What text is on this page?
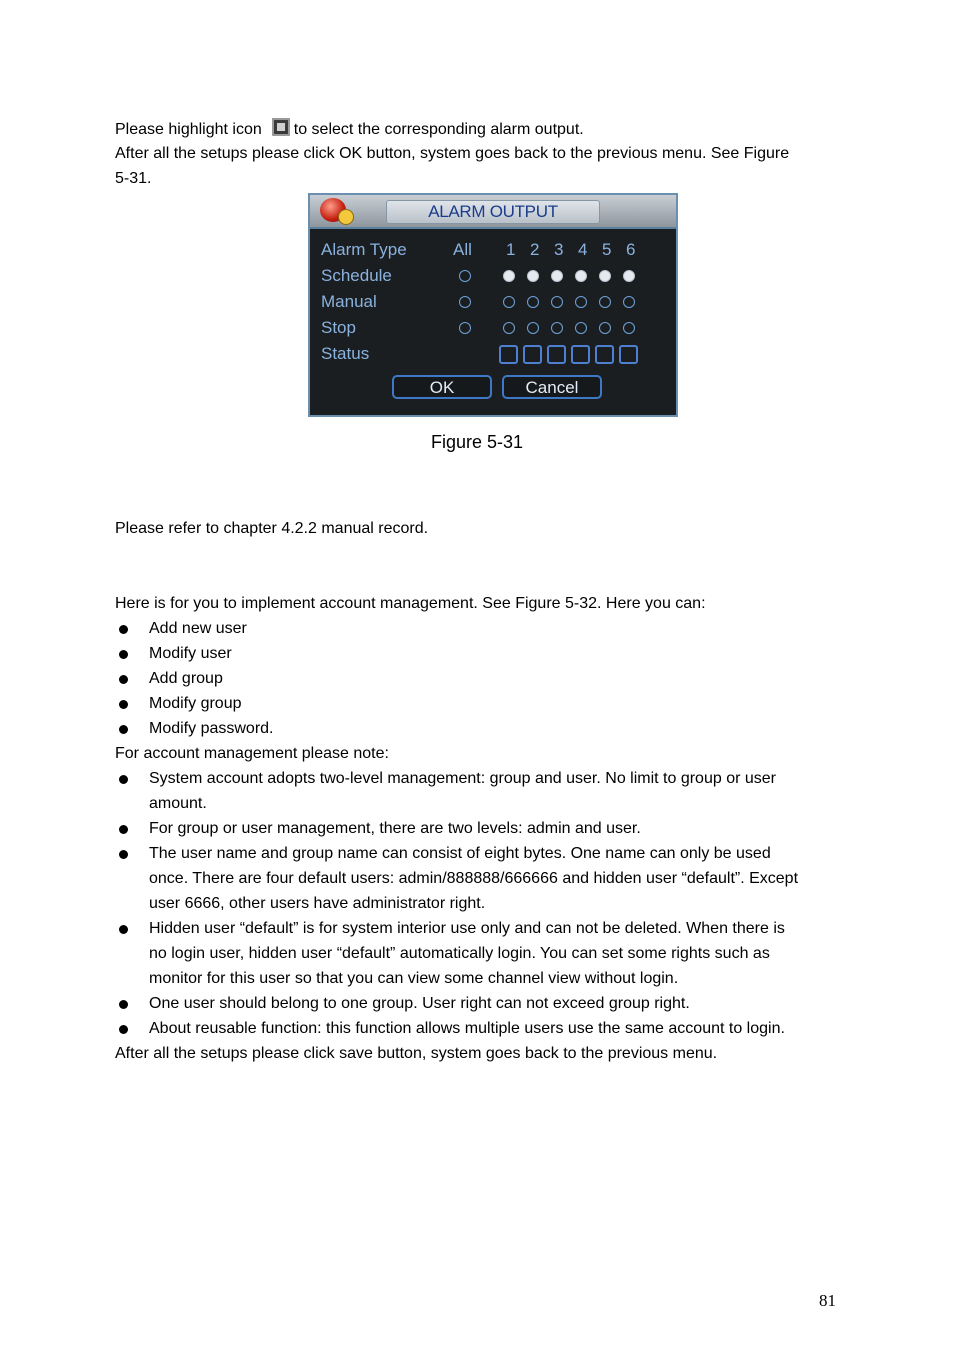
Please highlight icon to select the corresponding alarm output.
After all the setups please click OK button, system goes back to the previous menu. See Figure
5-31.
ALARM OUTPUT
Alarm Type	All 1 2 3 4 5 6
Schedule
Manual
Stop
Status
OK	Cancel
Figure 5-31
Please refer to chapter 4.2.2 manual record.
Here is for you to implement account management. See Figure 5-32. Here you can:
Add new user
Modify user
Add group
Modify group
Modify password.
For account management please note:
System account adopts two-level management: group and user. No limit to group or user
amount.
For group or user management, there are two levels: admin and user.
The user name and group name can consist of eight bytes. One name can only be used
once. There are four default users: admin/888888/666666 and hidden user “default”. Except
user 6666, other users have administrator right.
Hidden user “default” is for system interior use only and can not be deleted. When there is
no login user, hidden user “default” automatically login. You can set some rights such as
monitor for this user so that you can view some channel view without login.
One user should belong to one group. User right can not exceed group right.
About reusable function: this function allows multiple users use the same account to login.
After all the setups please click save button, system goes back to the previous menu.
81
